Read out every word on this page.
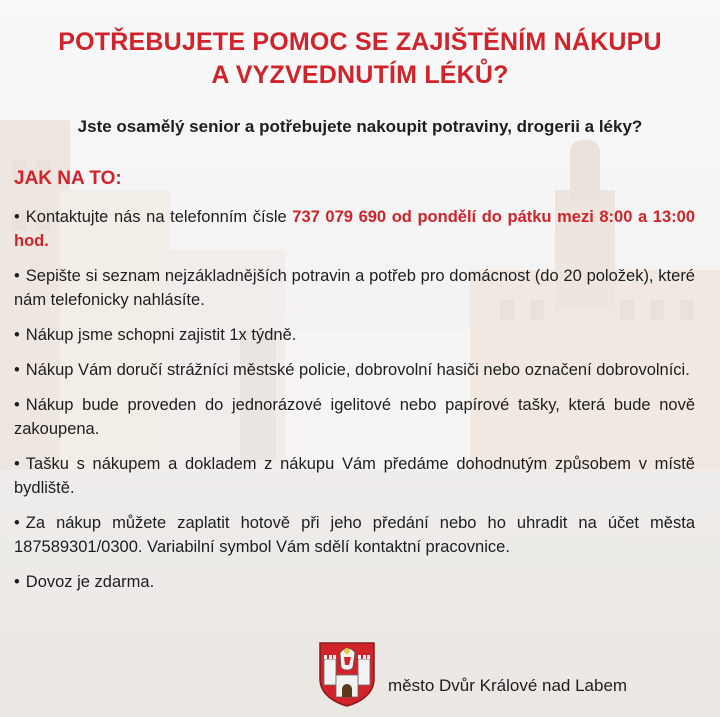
POTŘEBUJETE POMOC SE ZAJIŠTĚNÍM NÁKUPU
A VYZVEDNUTÍM LÉKŮ?
Jste osamělý senior a potřebujete nakoupit potraviny, drogerii a léky?
JAK NA TO:
• Kontaktujte nás na telefonním čísle 737 079 690 od pondělí do pátku mezi 8:00 a 13:00 hod.
• Sepište si seznam nejzákladnějších potravin a potřeb pro domácnost (do 20 položek), které nám telefonicky nahlásíte.
• Nákup jsme schopni zajistit 1x týdně.
• Nákup Vám doručí strážníci městské policie, dobrovolní hasiči nebo označení dobrovolníci.
• Nákup bude proveden do jednorázové igelitové nebo papírové tašky, která bude nově zakoupena.
• Tašku s nákupem a dokladem z nákupu Vám předáme dohodnutým způsobem v místě bydliště.
• Za nákup můžete zaplatit hotově při jeho předání nebo ho uhradit na účet města 187589301/0300. Variabilní symbol Vám sdělí kontaktní pracovnice.
• Dovoz je zdarma.
město Dvůr Králové nad Labem
